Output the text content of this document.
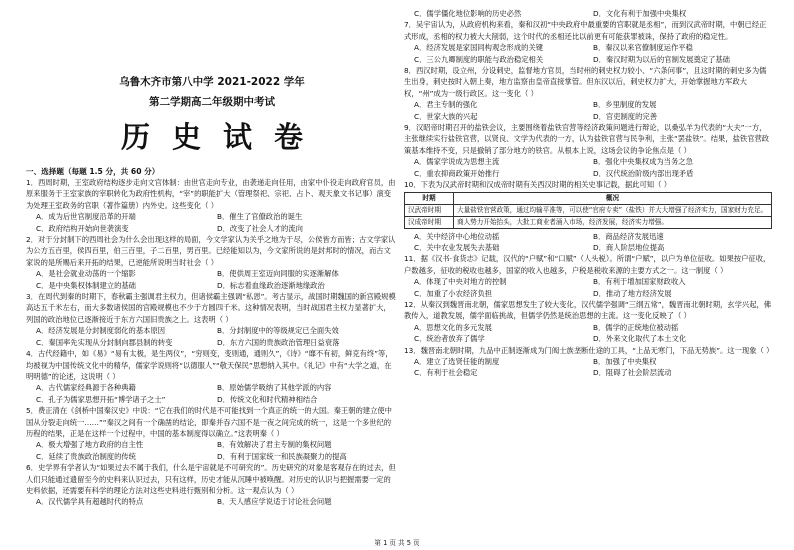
乌鲁木齐市第八中学 2021-2022 学年
第二学期高二年级期中考试
历史试卷
一、选择题（每题 1.5 分，共 60 分）

1．西周时期，王室政府结构逐步走向文官体制：由世官走向专业，由袭递走向任用，由家中仆役走向政府官员，由原来服务于王室家族的宰职转化为政府性机构，“宰”的职能扩大（管理祭祀、宗祀、占卜、观天象文书记事）演变为处理王室政务的官职（著作篇册）内外史。这些变化（ ）

A．成为后世官制度沿革的开端	B．催生了官僚政治的诞生
C．政府结构开始向世袭演变	D．改变了社会人才的流向

2．对于分封制下的西周社会为什么会出现这样的局面，今文学家认为关乎之地为于尽，公侯皆方而皆；古文学家认为公方五百里，侯四百里，伯三百里，子二百里，男百里。已经能知以为，今文家所说的是封邦时的情况，而古文家说的是所赐后来开拓的结果，已逆能所说明当时社会（ ）

A．是社会就业动荡的一个缩影	B．使供周王室迈向同服的实逐渐解体
C．是中央集权体制建立的基础	D．标志着血缘政治逐渐地缘政治

3．在周代到秦的时期下，春秋霸主强调君主权力，但诸侯霸主强调“私恩”。考古显示，战国时期魏国的新宫殿规模高达五千米左右，而大多数诸侯国的宫殿规模也不少于方圆四千米。这种情况表明，当时战国君主权力显著扩大，列国的政治地位已逐渐接近于东方六国旧贵族之上。这表明（ ）

A．经济发展是分封制度弱化的基本原因	B．分封制度中的等级规定已全面失效
C．秦国率先实现从分封制向郡县制的转变	D．东方六国的贵族政治管理日益衰落

4．古代经籍中，如《易》“易有太极，是生两仪”，“穷则变，变则通，通则久”，《诗》“靡不有初，鲜克有终”等，均被视为中国传统文化中的精华，儒家学说则将“以德服人”“敬天保民”思想纳入其中。《礼记》中有“大学之道，在明明德”的论述，这说明（ ）

A．古代儒家经典源于各种典籍	B．原始儒学吸纳了其他学派的内容
C．孔子为儒家思想开拓“博学诸子之士”	D．传统文化和时代精神相结合

5．费正清在《剑桥中国秦汉史》中说：“它在我们的时代是不可能找到一个真正的统一的大国。秦王朝的建立使中国从分裂走向统一……”“秦汉之间有一个确凿的结论，即秦并吞六国不是一夜之间完成的统一，这是一个多世纪的历程的结果，正是在这样一个过程中，中国的基本制度得以确立。”这表明秦（ ）

A．极大增强了地方政府的自主性	B．有效解决了君主专制的集权问题
C．延续了贵族政治制度的传统	D．有利于国家统一和民族凝聚力的提高

6．史学界有学者认为“如果过去不属于我们，什么是宇宙就是不可研究的”。历史研究的对象是客观存在的过去，但人们只能通过遗留至今的史料来认识过去，只有这样，历史才能从沉睡中被唤醒。对历史的认识与把握需要一定的史料依据，还需要有科学的理论方法对这些史料进行甄别和分析。这一观点认为（ ）

A．汉代儒学具有超越时代的特点	B．天人感应学说适于讨论社会问题
C．儒学僵化地位影响的历史必然	D．文化有利于加强中央集权

7．吴宇宙认为，从政府机构来看，秦和汉初“中央政府中最重要的官职就是丞相”，而到汉武帝时期，中朝已经正式形成，丞相的权力被大大削弱，这个时代的丞相还比以前更有可能获罪被诛，保持了政府的稳定性。

A．经济发展是家国同构观念形成的关键	B．秦汉以来官僚制度运作平稳
C．三公九卿制度的职能与政治稳定相关	D．秦汉时期为以后的官制发展奠定了基础

8．西汉时期，设立州，分设刺史，监督地方官员，当时州的刺史权力较小、“六条问事”，且这时期的刺史多为儒生出身，刺史按时入朝上奏，地方监察由皇帝直接掌管。但东汉以后，刺史权力扩大，开始掌握地方军政大权，“州”成为一级行政区。这一变化（ ）

A．君主专制的强化	B．乡里制度的发展
C．世家大族的兴起	D．官吏制度的完善

9．汉昭帝时期召开的盐铁会议，主要围绕着盐铁官营等经济政策问题进行辩论，以桑弘羊为代表的“大夫”一方，主张继续实行盐铁官营，以贤良、文学为代表的一方，认为盐铁官营与民争利，主张“罢盐铁”。结果，盐铁官营政策基本维持不变，只是撤销了部分地方的铁官。从根本上说，这场会议的争论焦点是（ ）

A．儒家学说成为思想主流	B．强化中央集权成为当务之急
C．重农抑商政策开始推行	D．汉代统治阶级内部出现矛盾

10．下表为汉武帝时期和汉成帝时期有关西汉时期的相关史事记载，据此可知（ ）

时期	概况
汉武帝时期	大量盐铁官营政策，通过均输平准等，可以使“官府专卖”（盐铁）并大大增强了经济实力，国家财力充足。
汉成帝时期	商人势力开始抬头，大批工商业者涌入市场，经济发展，经济实力增强。
A．关中经济中心地位动摇	B．商品经济发展迅速
C．关中农业发展失去基础	D．商人阶层地位提高

11．据《汉书·食货志》记载，汉代的“户赋”和“口赋”（人头税）。所谓“户赋”，以户为单位征收。如果按户征收，户数越多，征收的税收也越多，国家的收入也越多，户税是税收来源的主要方式之一。这一制度（ ）

A．体现了中央对地方的控制	B．有利于增加国家财政收入
C．加重了小农经济负担	D．推动了地方经济发展

12．从秦汉到魏晋南北朝，儒家思想发生了较大变化，汉代儒学强调“三纲五常”，魏晋南北朝时期，玄学兴起，佛教传入，道教发展，儒学面临挑战，但儒学仍然是统治思想的主流。这一变化反映了（ ）

A．思想文化的多元发展	B．儒学的正统地位被动摇
C．统治者放弃了儒学	D．外来文化取代了本土文化

13．魏晋南北朝时期，九品中正制逐渐成为门阀士族垄断仕途的工具，“上品无寒门，下品无势族”。这一现象（ ）

A．建立了选贤任能的制度	B．加强了中央集权
C．有利于社会稳定	D．阻碍了社会阶层流动
第 1 页 共 5 页
